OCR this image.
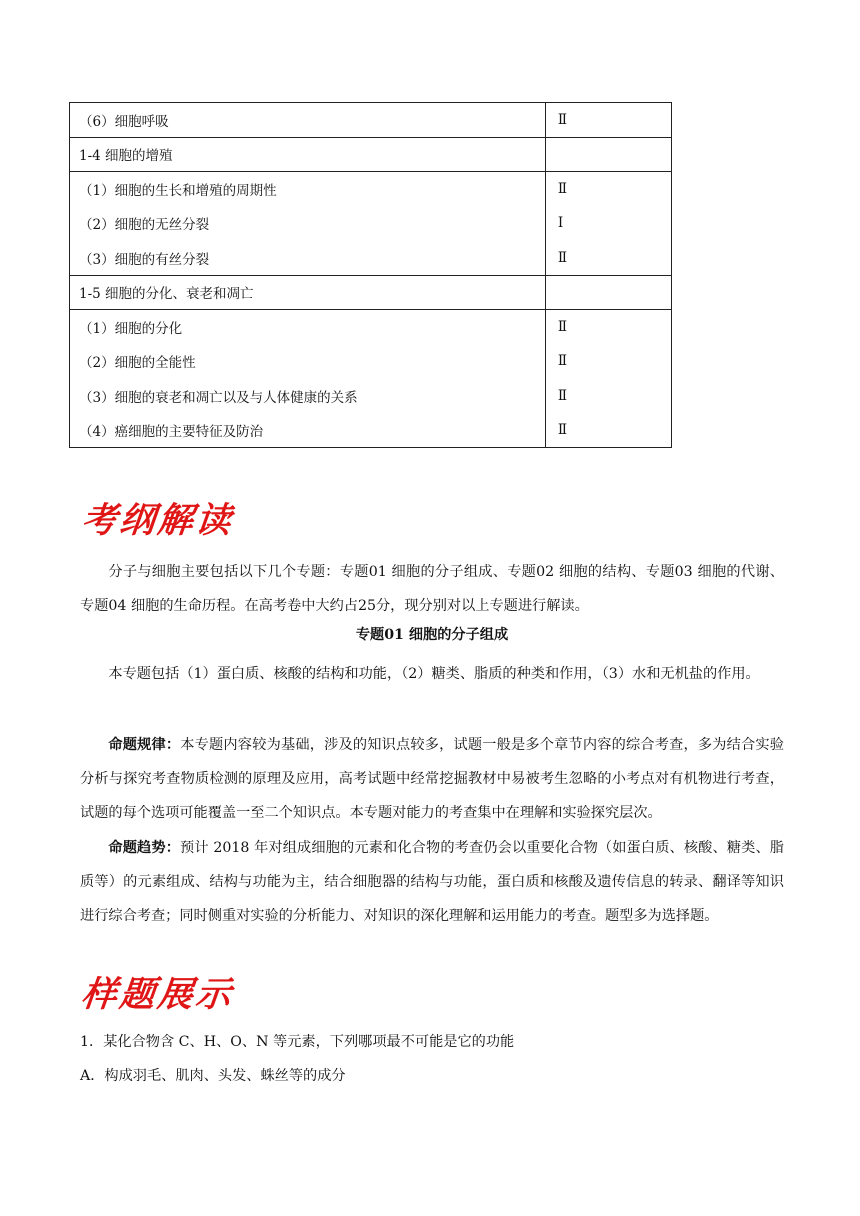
（6）细胞呼吸	Ⅱ
1-4 细胞的增殖	
（1）细胞的生长和增殖的周期性	Ⅱ
（2）细胞的无丝分裂	Ⅰ
（3）细胞的有丝分裂	Ⅱ
1-5 细胞的分化、衰老和凋亡	
（1）细胞的分化	Ⅱ
（2）细胞的全能性	Ⅱ
（3）细胞的衰老和凋亡以及与人体健康的关系	Ⅱ
（4）癌细胞的主要特征及防治	Ⅱ
考纲解读
分子与细胞主要包括以下几个专题：专题01 细胞的分子组成、专题02 细胞的结构、专题03 细胞的代谢、专题04 细胞的生命历程。在高考卷中大约占25分，现分别对以上专题进行解读。
专题01 细胞的分子组成
本专题包括（1）蛋白质、核酸的结构和功能，（2）糖类、脂质的种类和作用，（3）水和无机盐的作用。
命题规律：本专题内容较为基础，涉及的知识点较多，试题一般是多个章节内容的综合考查，多为结合实验分析与探究考查物质检测的原理及应用，高考试题中经常挖掘教材中易被考生忽略的小考点对有机物进行考查，试题的每个选项可能覆盖一至二个知识点。本专题对能力的考查集中在理解和实验探究层次。
命题趋势：预计 2018 年对组成细胞的元素和化合物的考查仍会以重要化合物（如蛋白质、核酸、糖类、脂质等）的元素组成、结构与功能为主，结合细胞器的结构与功能，蛋白质和核酸及遗传信息的转录、翻译等知识进行综合考查；同时侧重对实验的分析能力、对知识的深化理解和运用能力的考查。题型多为选择题。
样题展示
1．某化合物含 C、H、O、N 等元素，下列哪项最不可能是它的功能
A．构成羽毛、肌肉、头发、蛛丝等的成分
